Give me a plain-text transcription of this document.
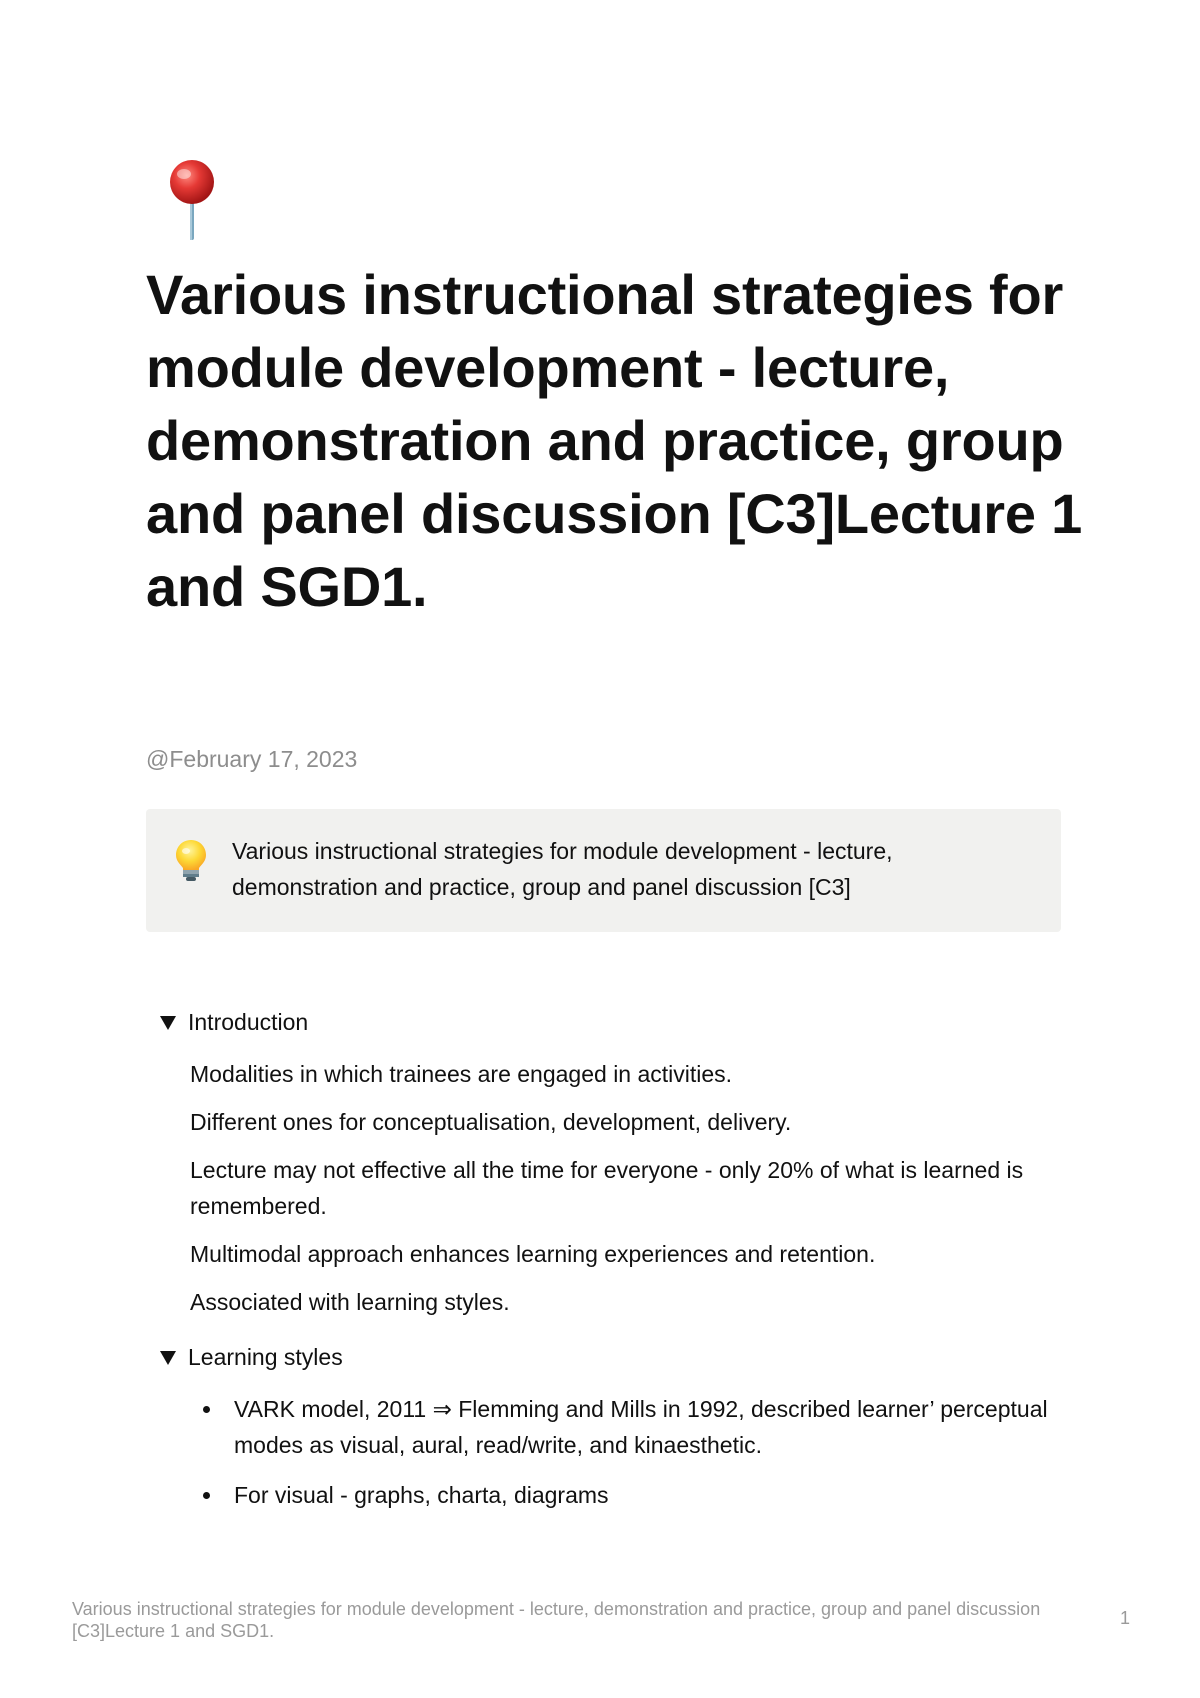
Various instructional strategies for module development - lecture, demonstration and practice, group and panel discussion [C3]Lecture 1 and SGD1.
@February 17, 2023
Various instructional strategies for module development - lecture, demonstration and practice, group and panel discussion [C3]
Introduction

Modalities in which trainees are engaged in activities.

Different ones for conceptualisation, development, delivery.

Lecture may not effective all the time for everyone - only 20% of what is learned is remembered.

Multimodal approach enhances learning experiences and retention.

Associated with learning styles.

Learning styles
VARK model, 2011 ⇒ Flemming and Mills in 1992, described learner’ perceptual modes as visual, aural, read/write, and kinaesthetic.
For visual - graphs, charta, diagrams
Various instructional strategies for module development - lecture, demonstration and practice, group and panel discussion [C3]Lecture 1 and SGD1.
1
